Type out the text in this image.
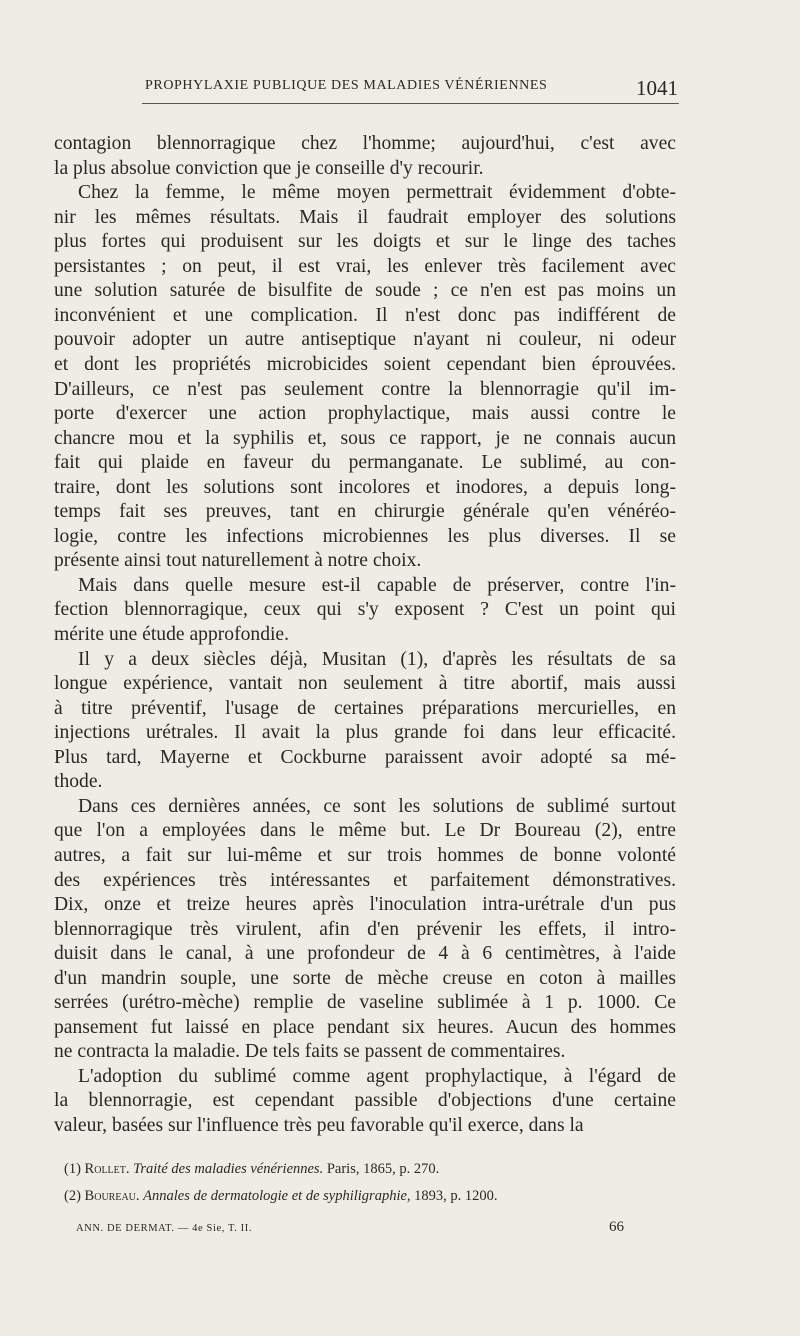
PROPHYLAXIE PUBLIQUE DES MALADIES VÉNÉRIENNES	1041
contagion blennorragique chez l'homme; aujourd'hui, c'est avec
la plus absolue conviction que je conseille d'y recourir.
Chez la femme, le même moyen permettrait évidemment d'obte-
nir les mêmes résultats. Mais il faudrait employer des solutions
plus fortes qui produisent sur les doigts et sur le linge des taches
persistantes ; on peut, il est vrai, les enlever très facilement avec
une solution saturée de bisulfite de soude ; ce n'en est pas moins un
inconvénient et une complication. Il n'est donc pas indifférent de
pouvoir adopter un autre antiseptique n'ayant ni couleur, ni odeur
et dont les propriétés microbicides soient cependant bien éprouvées.
D'ailleurs, ce n'est pas seulement contre la blennorragie qu'il im-
porte d'exercer une action prophylactique, mais aussi contre le
chancre mou et la syphilis et, sous ce rapport, je ne connais aucun
fait qui plaide en faveur du permanganate. Le sublimé, au con-
traire, dont les solutions sont incolores et inodores, a depuis long-
temps fait ses preuves, tant en chirurgie générale qu'en vénéréo-
logie, contre les infections microbiennes les plus diverses. Il se
présente ainsi tout naturellement à notre choix.
Mais dans quelle mesure est-il capable de préserver, contre l'in-
fection blennorragique, ceux qui s'y exposent ? C'est un point qui
mérite une étude approfondie.
Il y a deux siècles déjà, Musitan (1), d'après les résultats de sa
longue expérience, vantait non seulement à titre abortif, mais aussi
à titre préventif, l'usage de certaines préparations mercurielles, en
injections urétrales. Il avait la plus grande foi dans leur efficacité.
Plus tard, Mayerne et Cockburne paraissent avoir adopté sa mé-
thode.
Dans ces dernières années, ce sont les solutions de sublimé surtout
que l'on a employées dans le même but. Le Dr Boureau (2), entre
autres, a fait sur lui-même et sur trois hommes de bonne volonté
des expériences très intéressantes et parfaitement démonstratives.
Dix, onze et treize heures après l'inoculation intra-urétrale d'un pus
blennorragique très virulent, afin d'en prévenir les effets, il intro-
duisit dans le canal, à une profondeur de 4 à 6 centimètres, à l'aide
d'un mandrin souple, une sorte de mèche creuse en coton à mailles
serrées (urétro-mèche) remplie de vaseline sublimée à 1 p. 1000. Ce
pansement fut laissé en place pendant six heures. Aucun des hommes
ne contracta la maladie. De tels faits se passent de commentaires.
L'adoption du sublimé comme agent prophylactique, à l'égard de
la blennorragie, est cependant passible d'objections d'une certaine
valeur, basées sur l'influence très peu favorable qu'il exerce, dans la
(1) Rollet. Traité des maladies vénériennes. Paris, 1865, p. 270.
(2) Boureau. Annales de dermatologie et de syphiligraphie, 1893, p. 1200.
ANN. DE DERMAT. — 4e Sie, T. II.	66
